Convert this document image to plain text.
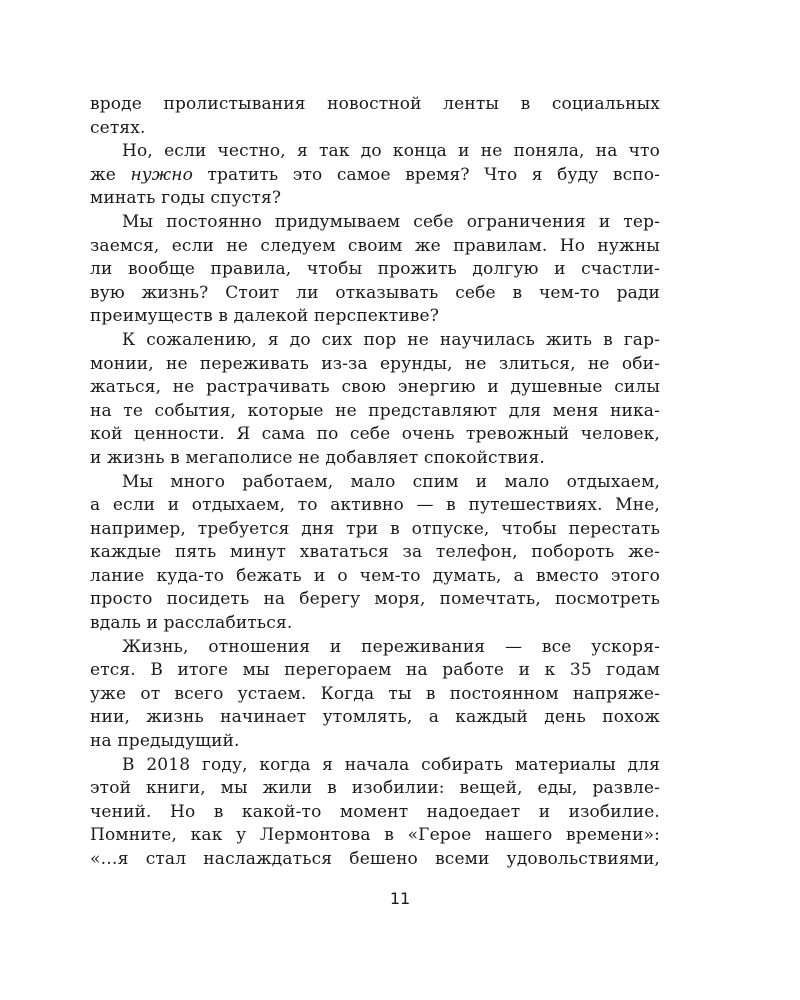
вроде пролистывания новостной ленты в социальных
сетях.
Но, если честно, я так до конца и не поняла, на что
же нужно тратить это самое время? Что я буду вспо-
минать годы спустя?
Мы постоянно придумываем себе ограничения и тер-
заемся, если не следуем своим же правилам. Но нужны
ли вообще правила, чтобы прожить долгую и счастли-
вую жизнь? Стоит ли отказывать себе в чем-то ради
преимуществ в далекой перспективе?
К сожалению, я до сих пор не научилась жить в гар-
монии, не переживать из-за ерунды, не злиться, не оби-
жаться, не растрачивать свою энергию и душевные силы
на те события, которые не представляют для меня ника-
кой ценности. Я сама по себе очень тревожный человек,
и жизнь в мегаполисе не добавляет спокойствия.
Мы много работаем, мало спим и мало отдыхаем,
а если и отдыхаем, то активно — в путешествиях. Мне,
например, требуется дня три в отпуске, чтобы перестать
каждые пять минут хвататься за телефон, побороть же-
лание куда-то бежать и о чем-то думать, а вместо этого
просто посидеть на берегу моря, помечтать, посмотреть
вдаль и расслабиться.
Жизнь, отношения и переживания — все ускоря-
ется. В итоге мы перегораем на работе и к 35 годам
уже от всего устаем. Когда ты в постоянном напряже-
нии, жизнь начинает утомлять, а каждый день похож
на предыдущий.
В 2018 году, когда я начала собирать материалы для
этой книги, мы жили в изобилии: вещей, еды, развле-
чений. Но в какой-то момент надоедает и изобилие.
Помните, как у Лермонтова в «Герое нашего времени»:
«…я стал наслаждаться бешено всеми удовольствиями,
11
